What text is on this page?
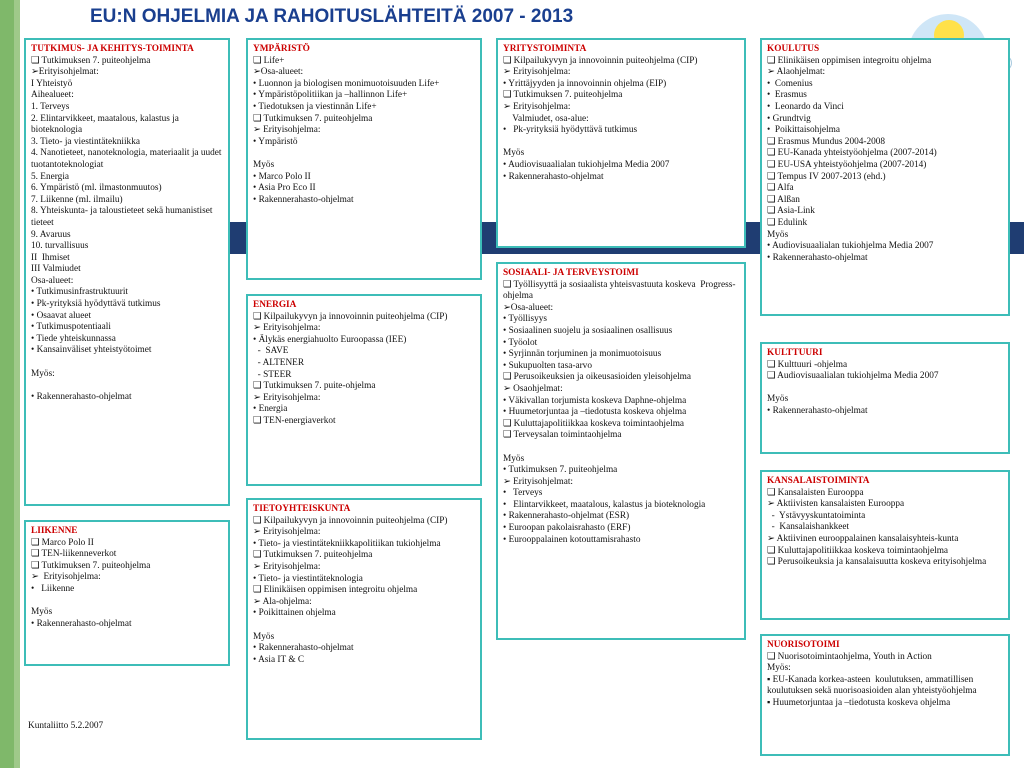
EU:N OHJELMIA JA RAHOITUSLÄHTEITÄ 2007 - 2013

TUTKIMUS- JA KEHITYS-TOIMINTA

❑ Tutkimuksen 7. puiteohjelma

➢Erityisohjelmat:

I Yhteistyö

Aihealueet:

1. Terveys

2. Elintarvikkeet, maatalous, kalastus ja bioteknologia

3. Tieto- ja viestintätekniikka

4. Nanotieteet, nanoteknologia, materiaalit ja uudet tuotantoteknologiat

5. Energia

6. Ympäristö (ml. ilmastonmuutos)

7. Liikenne (ml. ilmailu)

8. Yhteiskunta- ja taloustieteet sekä humanistiset tieteet

9. Avaruus

10. turvallisuus

II  Ihmiset

III Valmiudet

Osa-alueet:

• Tutkimusinfrastruktuurit

• Pk-yrityksiä hyödyttävä tutkimus

• Osaavat alueet

• Tutkimuspotentiaali

• Tiede yhteiskunnassa

• Kansainväliset yhteistyötoimet

Myös:

• Rakennerahasto-ohjelmat

LIIKENNE

❑ Marco Polo II

❑ TEN-liikenneverkot

❑ Tutkimuksen 7. puiteohjelma

➢  Erityisohjelma:

•   Liikenne

Myös

• Rakennerahasto-ohjelmat

YMPÄRISTÖ

❑ Life+

➢Osa-alueet:

• Luonnon ja biologisen monimuotoisuuden Life+

• Ympäristöpolitiikan ja –hallinnon Life+

• Tiedotuksen ja viestinnän Life+

❑ Tutkimuksen 7. puiteohjelma

➢ Erityisohjelma:

• Ympäristö

Myös

• Marco Polo II

• Asia Pro Eco II

• Rakennerahasto-ohjelmat

ENERGIA

❑ Kilpailukyvyn ja innovoinnin puiteohjelma (CIP)

➢ Erityisohjelma:

• Älykäs energiahuolto Euroopassa (IEE)

-  SAVE

- ALTENER

- STEER

❑ Tutkimuksen 7. puite-ohjelma

➢ Erityisohjelma:

• Energia

❑ TEN-energiaverkot

TIETOYHTEISKUNTA

❑ Kilpailukyvyn ja innovoinnin puiteohjelma (CIP)

➢ Erityisohjelma:

• Tieto- ja viestintätekniikkapolitiikan tukiohjelma

❑ Tutkimuksen 7. puiteohjelma

➢ Erityisohjelma:

• Tieto- ja viestintäteknologia

❑ Elinikäisen oppimisen integroitu ohjelma

➢ Ala-ohjelma:

• Poikittainen ohjelma

Myös

• Rakennerahasto-ohjelmat

• Asia IT & C

YRITYSTOIMINTA

❑ Kilpailukyvyn ja innovoinnin puiteohjelma (CIP)

➢ Erityisohjelma:

• Yrittäjyyden ja innovoinnin ohjelma (EIP)

❑ Tutkimuksen 7. puiteohjelma

➢ Erityisohjelma:

Valmiudet, osa-alue:

•   Pk-yrityksiä hyödyttävä tutkimus

Myös

• Audiovisuaalialan tukiohjelma Media 2007

• Rakennerahasto-ohjelmat

SOSIAALI- JA TERVEYSTOIMI

❑ Työllisyyttä ja sosiaalista yhteisvastuuta koskeva  Progress-ohjelma

➢Osa-alueet:

• Työllisyys

• Sosiaalinen suojelu ja sosiaalinen osallisuus

• Työolot

• Syrjinnän torjuminen ja monimuotoisuus

• Sukupuolten tasa-arvo

❑ Perusoikeuksien ja oikeusasioiden yleisohjelma

➢ Osaohjelmat:

• Väkivallan torjumista koskeva Daphne-ohjelma

• Huumetorjuntaa ja –tiedotusta koskeva ohjelma

❑ Kuluttajapolitiikkaa koskeva toimintaohjelma

❑ Terveysalan toimintaohjelma

Myös

• Tutkimuksen 7. puiteohjelma

➢ Erityisohjelmat:

•   Terveys

•   Elintarvikkeet, maatalous, kalastus ja bioteknologia

• Rakennerahasto-ohjelmat (ESR)

• Euroopan pakolaisrahasto (ERF)

• Eurooppalainen kotouttamisrahasto

KOULUTUS

❑ Elinikäisen oppimisen integroitu ohjelma

➢ Alaohjelmat:

•  Comenius

•  Erasmus

•  Leonardo da Vinci

• Grundtvig

•  Poikittaisohjelma

❑ Erasmus Mundus 2004-2008

❑ EU-Kanada yhteistyöohjelma (2007-2014)

❑ EU-USA yhteistyöohjelma (2007-2014)

❑ Tempus IV 2007-2013 (ehd.)

❑ Alfa

❑ Alßan

❑ Asia-Link

❑ Edulink

Myös

• Audiovisuaalialan tukiohjelma Media 2007

• Rakennerahasto-ohjelmat

KULTTUURI

❑ Kulttuuri -ohjelma

❑ Audiovisuaalialan tukiohjelma Media 2007

Myös

• Rakennerahasto-ohjelmat

KANSALAISTOIMINTA

❑ Kansalaisten Eurooppa

➢ Aktiivisten kansalaisten Eurooppa

-  Ystävyyskuntatoiminta

-  Kansalaishankkeet

➢ Aktiivinen eurooppalainen kansalaisyhteis-kunta

❑ Kuluttajapolitiikkaa koskeva toimintaohjelma

❑ Perusoikeuksia ja kansalaisuutta koskeva erityisohjelma

NUORISOTOIMI

❑ Nuorisotoimintaohjelma, Youth in Action

Myös:

▪ EU-Kanada korkea-asteen  koulutuksen, ammatillisen koulutuksen sekä nuorisoasioiden alan yhteistyöohjelma

▪ Huumetorjuntaa ja –tiedotusta koskeva ohjelma

Kuntaliitto 5.2.2007
